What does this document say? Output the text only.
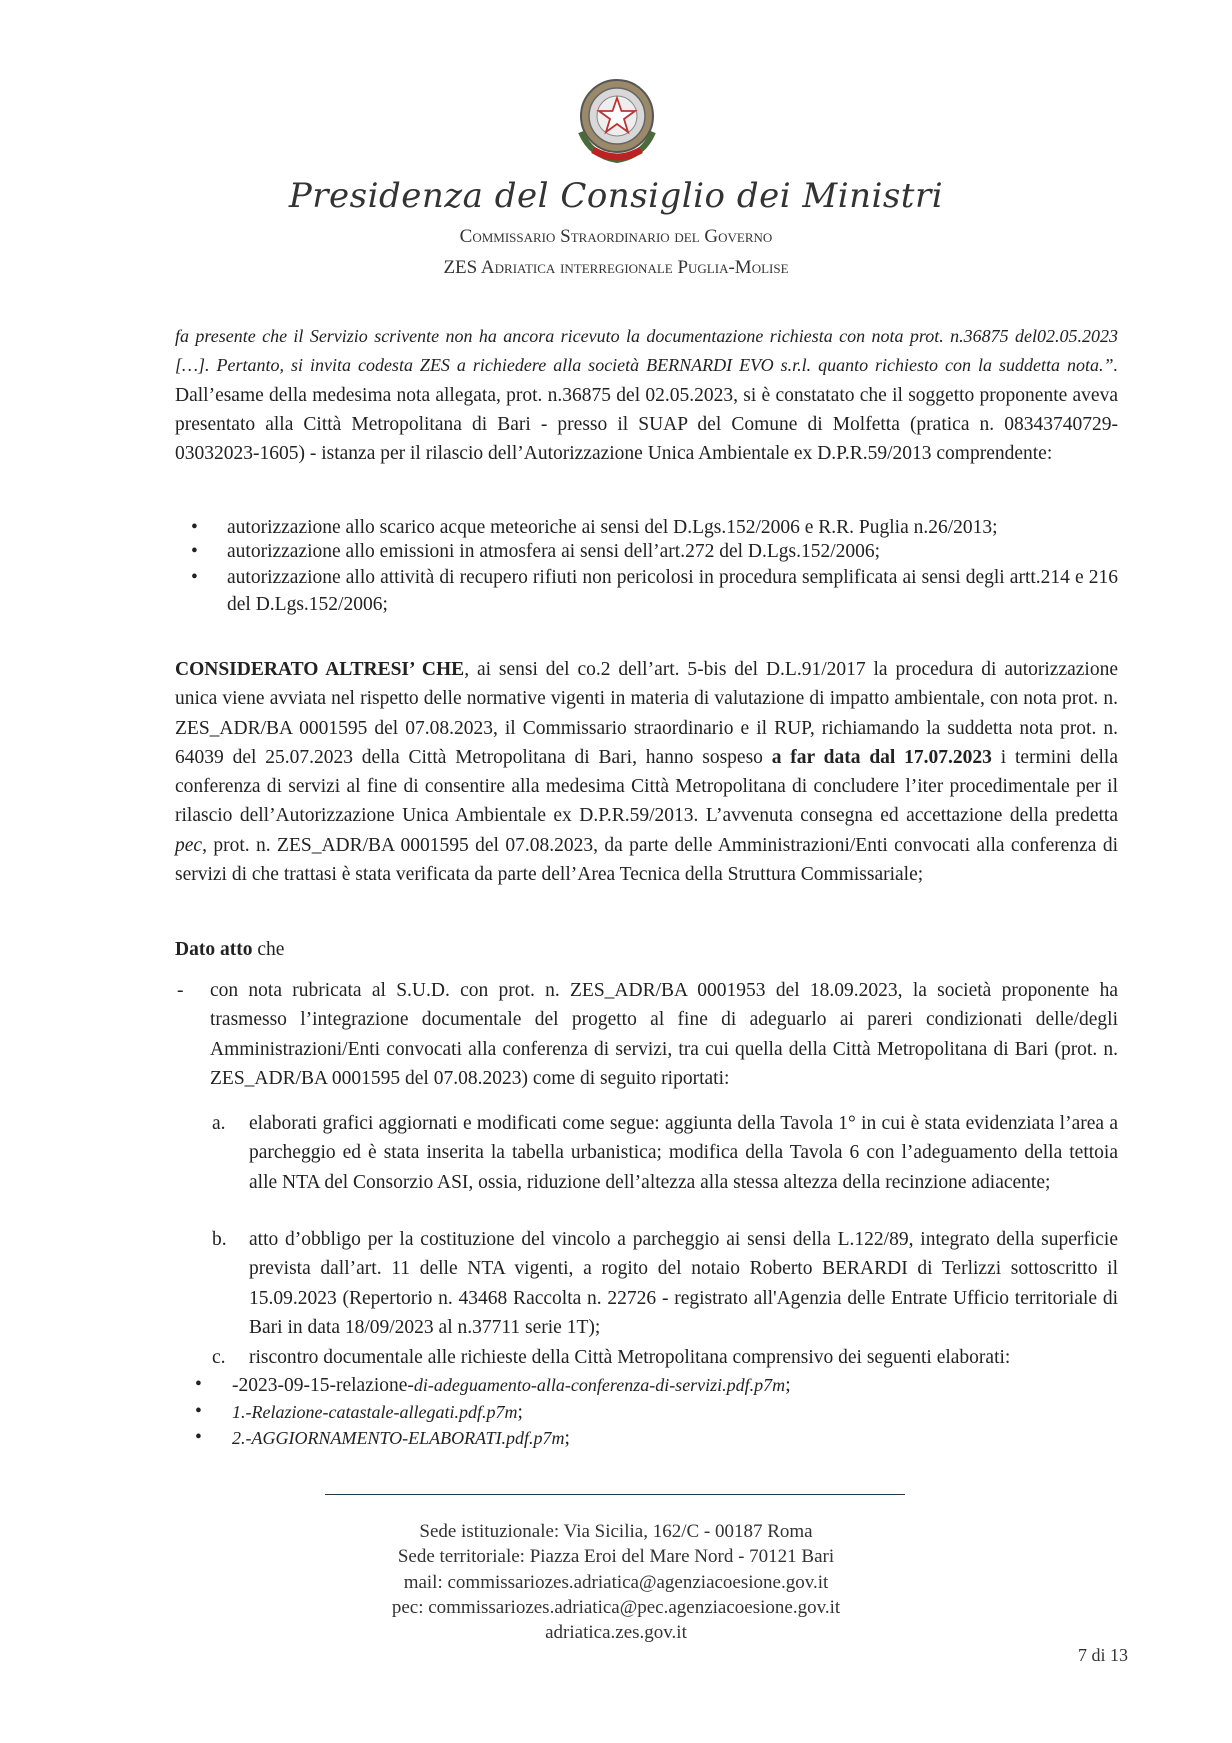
Presidenza del Consiglio dei Ministri
Commissario Straordinario del Governo
ZES Adriatica interregionale Puglia-Molise

fa presente che il Servizio scrivente non ha ancora ricevuto la documentazione richiesta con nota prot. n.36875 del02.05.2023 […]. Pertanto, si invita codesta ZES a richiedere alla società BERNARDI EVO s.r.l. quanto richiesto con la suddetta nota.”. Dall’esame della medesima nota allegata, prot. n.36875 del 02.05.2023, si è constatato che il soggetto proponente aveva presentato alla Città Metropolitana di Bari - presso il SUAP del Comune di Molfetta (pratica n. 08343740729-03032023-1605) - istanza per il rilascio dell’Autorizzazione Unica Ambientale ex D.P.R.59/2013 comprendente:

• autorizzazione allo scarico acque meteoriche ai sensi del D.Lgs.152/2006 e R.R. Puglia n.26/2013;
• autorizzazione allo emissioni in atmosfera ai sensi dell’art.272 del D.Lgs.152/2006;
• autorizzazione allo attività di recupero rifiuti non pericolosi in procedura semplificata ai sensi degli artt.214 e 216 del D.Lgs.152/2006;

CONSIDERATO ALTRESI’ CHE, ai sensi del co.2 dell’art. 5-bis del D.L.91/2017 la procedura di autorizzazione unica viene avviata nel rispetto delle normative vigenti in materia di valutazione di impatto ambientale, con nota prot. n. ZES_ADR/BA 0001595 del 07.08.2023, il Commissario straordinario e il RUP, richiamando la suddetta nota prot. n. 64039 del 25.07.2023 della Città Metropolitana di Bari, hanno sospeso a far data dal 17.07.2023 i termini della conferenza di servizi al fine di consentire alla medesima Città Metropolitana di concludere l’iter procedimentale per il rilascio dell’Autorizzazione Unica Ambientale ex D.P.R.59/2013. L’avvenuta consegna ed accettazione della predetta pec, prot. n. ZES_ADR/BA 0001595 del 07.08.2023, da parte delle Amministrazioni/Enti convocati alla conferenza di servizi di che trattasi è stata verificata da parte dell’Area Tecnica della Struttura Commissariale;

Dato atto che
- con nota rubricata al S.U.D. con prot. n. ZES_ADR/BA 0001953 del 18.09.2023, la società proponente ha trasmesso l’integrazione documentale del progetto al fine di adeguarlo ai pareri condizionati delle/degli Amministrazioni/Enti convocati alla conferenza di servizi, tra cui quella della Città Metropolitana di Bari (prot. n. ZES_ADR/BA 0001595 del 07.08.2023) come di seguito riportati:
a. elaborati grafici aggiornati e modificati come segue: aggiunta della Tavola 1° in cui è stata evidenziata l’area a parcheggio ed è stata inserita la tabella urbanistica; modifica della Tavola 6 con l’adeguamento della tettoia alle NTA del Consorzio ASI, ossia, riduzione dell’altezza alla stessa altezza della recinzione adiacente;
b. atto d’obbligo per la costituzione del vincolo a parcheggio ai sensi della L.122/89, integrato della superficie prevista dall’art. 11 delle NTA vigenti, a rogito del notaio Roberto BERARDI di Terlizzi sottoscritto il 15.09.2023 (Repertorio n. 43468 Raccolta n. 22726 - registrato all'Agenzia delle Entrate Ufficio territoriale di Bari in data 18/09/2023 al n.37711 serie 1T);
c. riscontro documentale alle richieste della Città Metropolitana comprensivo dei seguenti elaborati:
• -2023-09-15-relazione-di-adeguamento-alla-conferenza-di-servizi.pdf.p7m;
• 1.-Relazione-catastale-allegati.pdf.p7m;
• 2.-AGGIORNAMENTO-ELABORATI.pdf.p7m;
Sede istituzionale: Via Sicilia, 162/C - 00187 Roma
Sede territoriale: Piazza Eroi del Mare Nord - 70121 Bari
mail: commissariozes.adriatica@agenziacoesione.gov.it
pec: commissariozes.adriatica@pec.agenziacoesione.gov.it
adriatica.zes.gov.it
7 di 13
